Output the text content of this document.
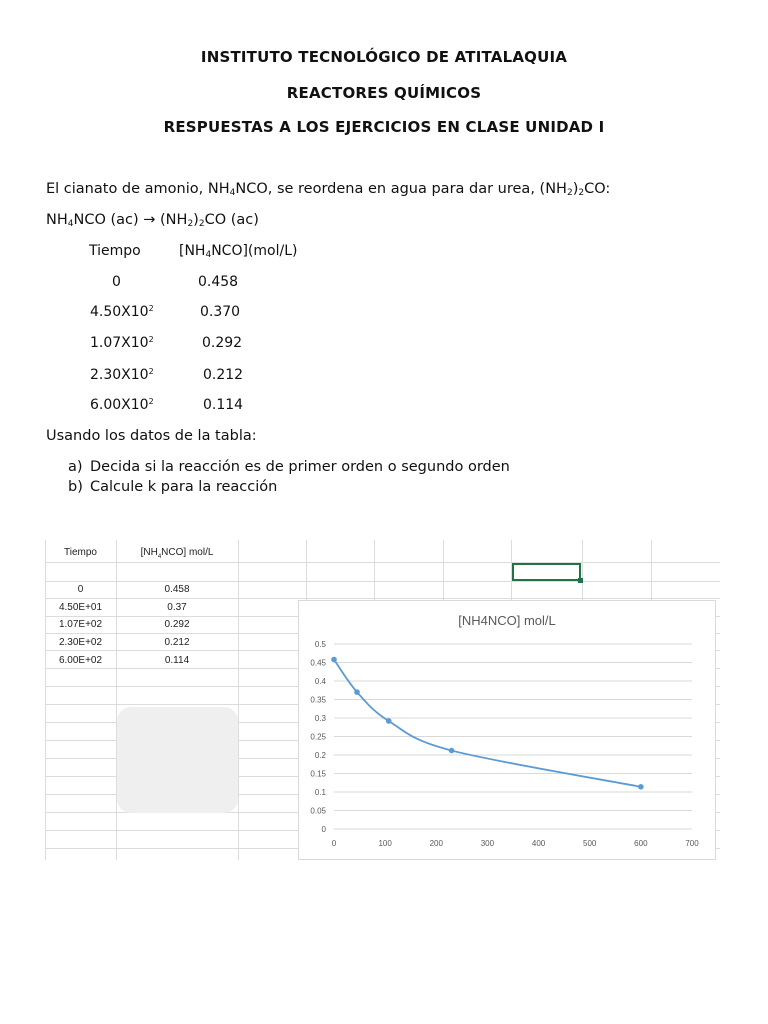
INSTITUTO TECNOLÓGICO DE ATITALAQUIA
REACTORES QUÍMICOS
RESPUESTAS A LOS EJERCICIOS EN CLASE UNIDAD I
El cianato de amonio, $NH_4NCO$, se reordena en agua para dar urea, $(NH_2)_2CO$:
$NH_4NCO$ $(ac) \to (NH_2)_2CO$ (ac)
Tiempo	$[NH_4NCO](mol/L)$
0	0.458
$4.50X10^2$	0.370
$1.07X10^2$	0.292
$2.30X10^2$	0.212
$6.00X10^2$	0.114
Usando los datos de la tabla:
a) Decida si la reacción es de primer orden o segundo orden
b) Calcule k para la reacción
Tiempo	$[NH_4NCO]$ mol/L
0	0.458
4.50E+01	0.37
1.07E+02	0.292
2.30E+02	0.212
6.00E+02	0.114
[NH4NCO] mol/L
0
0.05
0.1
0.15
0.2
0.25
0.3
0.35
0.4
0.45
0.5
0	100	200	300	400	500	600	700
